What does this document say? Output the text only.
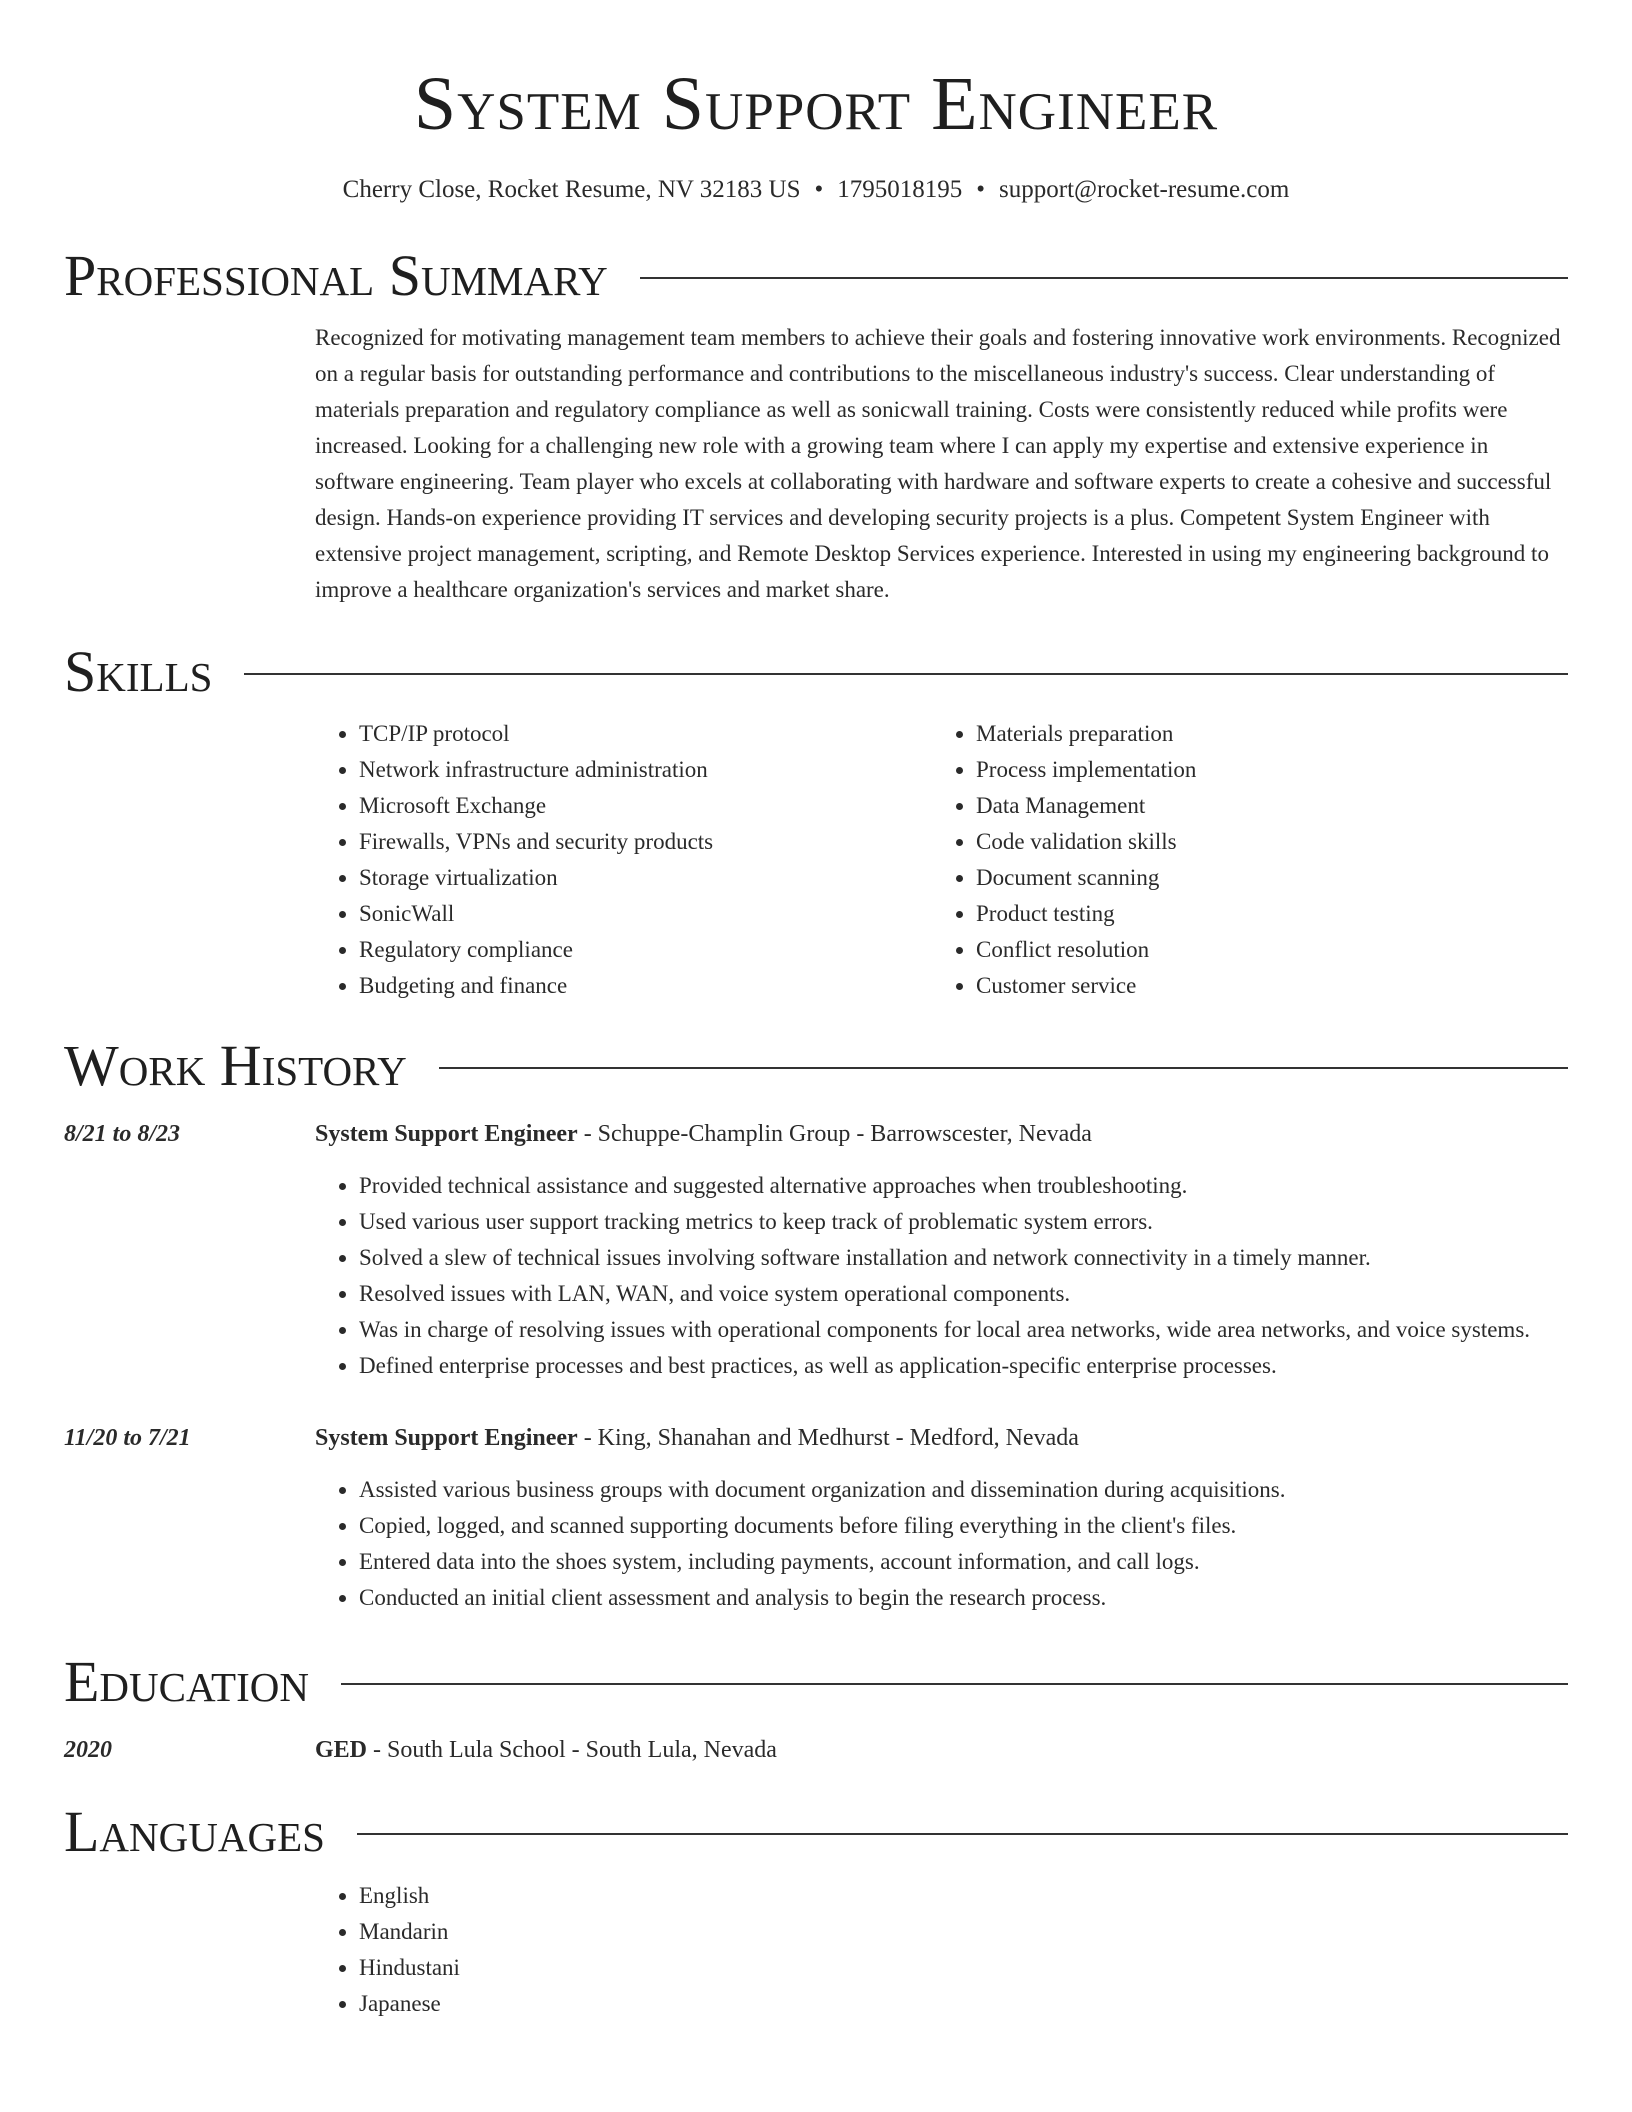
System Support Engineer
Cherry Close, Rocket Resume, NV 32183 US • 1795018195 • support@rocket-resume.com
Professional Summary
Recognized for motivating management team members to achieve their goals and fostering innovative work environments. Recognized on a regular basis for outstanding performance and contributions to the miscellaneous industry's success. Clear understanding of materials preparation and regulatory compliance as well as sonicwall training. Costs were consistently reduced while profits were increased. Looking for a challenging new role with a growing team where I can apply my expertise and extensive experience in software engineering. Team player who excels at collaborating with hardware and software experts to create a cohesive and successful design. Hands-on experience providing IT services and developing security projects is a plus. Competent System Engineer with extensive project management, scripting, and Remote Desktop Services experience. Interested in using my engineering background to improve a healthcare organization's services and market share.
Skills
• TCP/IP protocol
• Network infrastructure administration
• Microsoft Exchange
• Firewalls, VPNs and security products
• Storage virtualization
• SonicWall
• Regulatory compliance
• Budgeting and finance
• Materials preparation
• Process implementation
• Data Management
• Code validation skills
• Document scanning
• Product testing
• Conflict resolution
• Customer service
Work History
8/21 to 8/23	System Support Engineer - Schuppe-Champlin Group - Barrowscester, Nevada
• Provided technical assistance and suggested alternative approaches when troubleshooting.
• Used various user support tracking metrics to keep track of problematic system errors.
• Solved a slew of technical issues involving software installation and network connectivity in a timely manner.
• Resolved issues with LAN, WAN, and voice system operational components.
• Was in charge of resolving issues with operational components for local area networks, wide area networks, and voice systems.
• Defined enterprise processes and best practices, as well as application-specific enterprise processes.
11/20 to 7/21	System Support Engineer - King, Shanahan and Medhurst - Medford, Nevada
• Assisted various business groups with document organization and dissemination during acquisitions.
• Copied, logged, and scanned supporting documents before filing everything in the client's files.
• Entered data into the shoes system, including payments, account information, and call logs.
• Conducted an initial client assessment and analysis to begin the research process.
Education
2020	GED - South Lula School - South Lula, Nevada
Languages
• English
• Mandarin
• Hindustani
• Japanese
